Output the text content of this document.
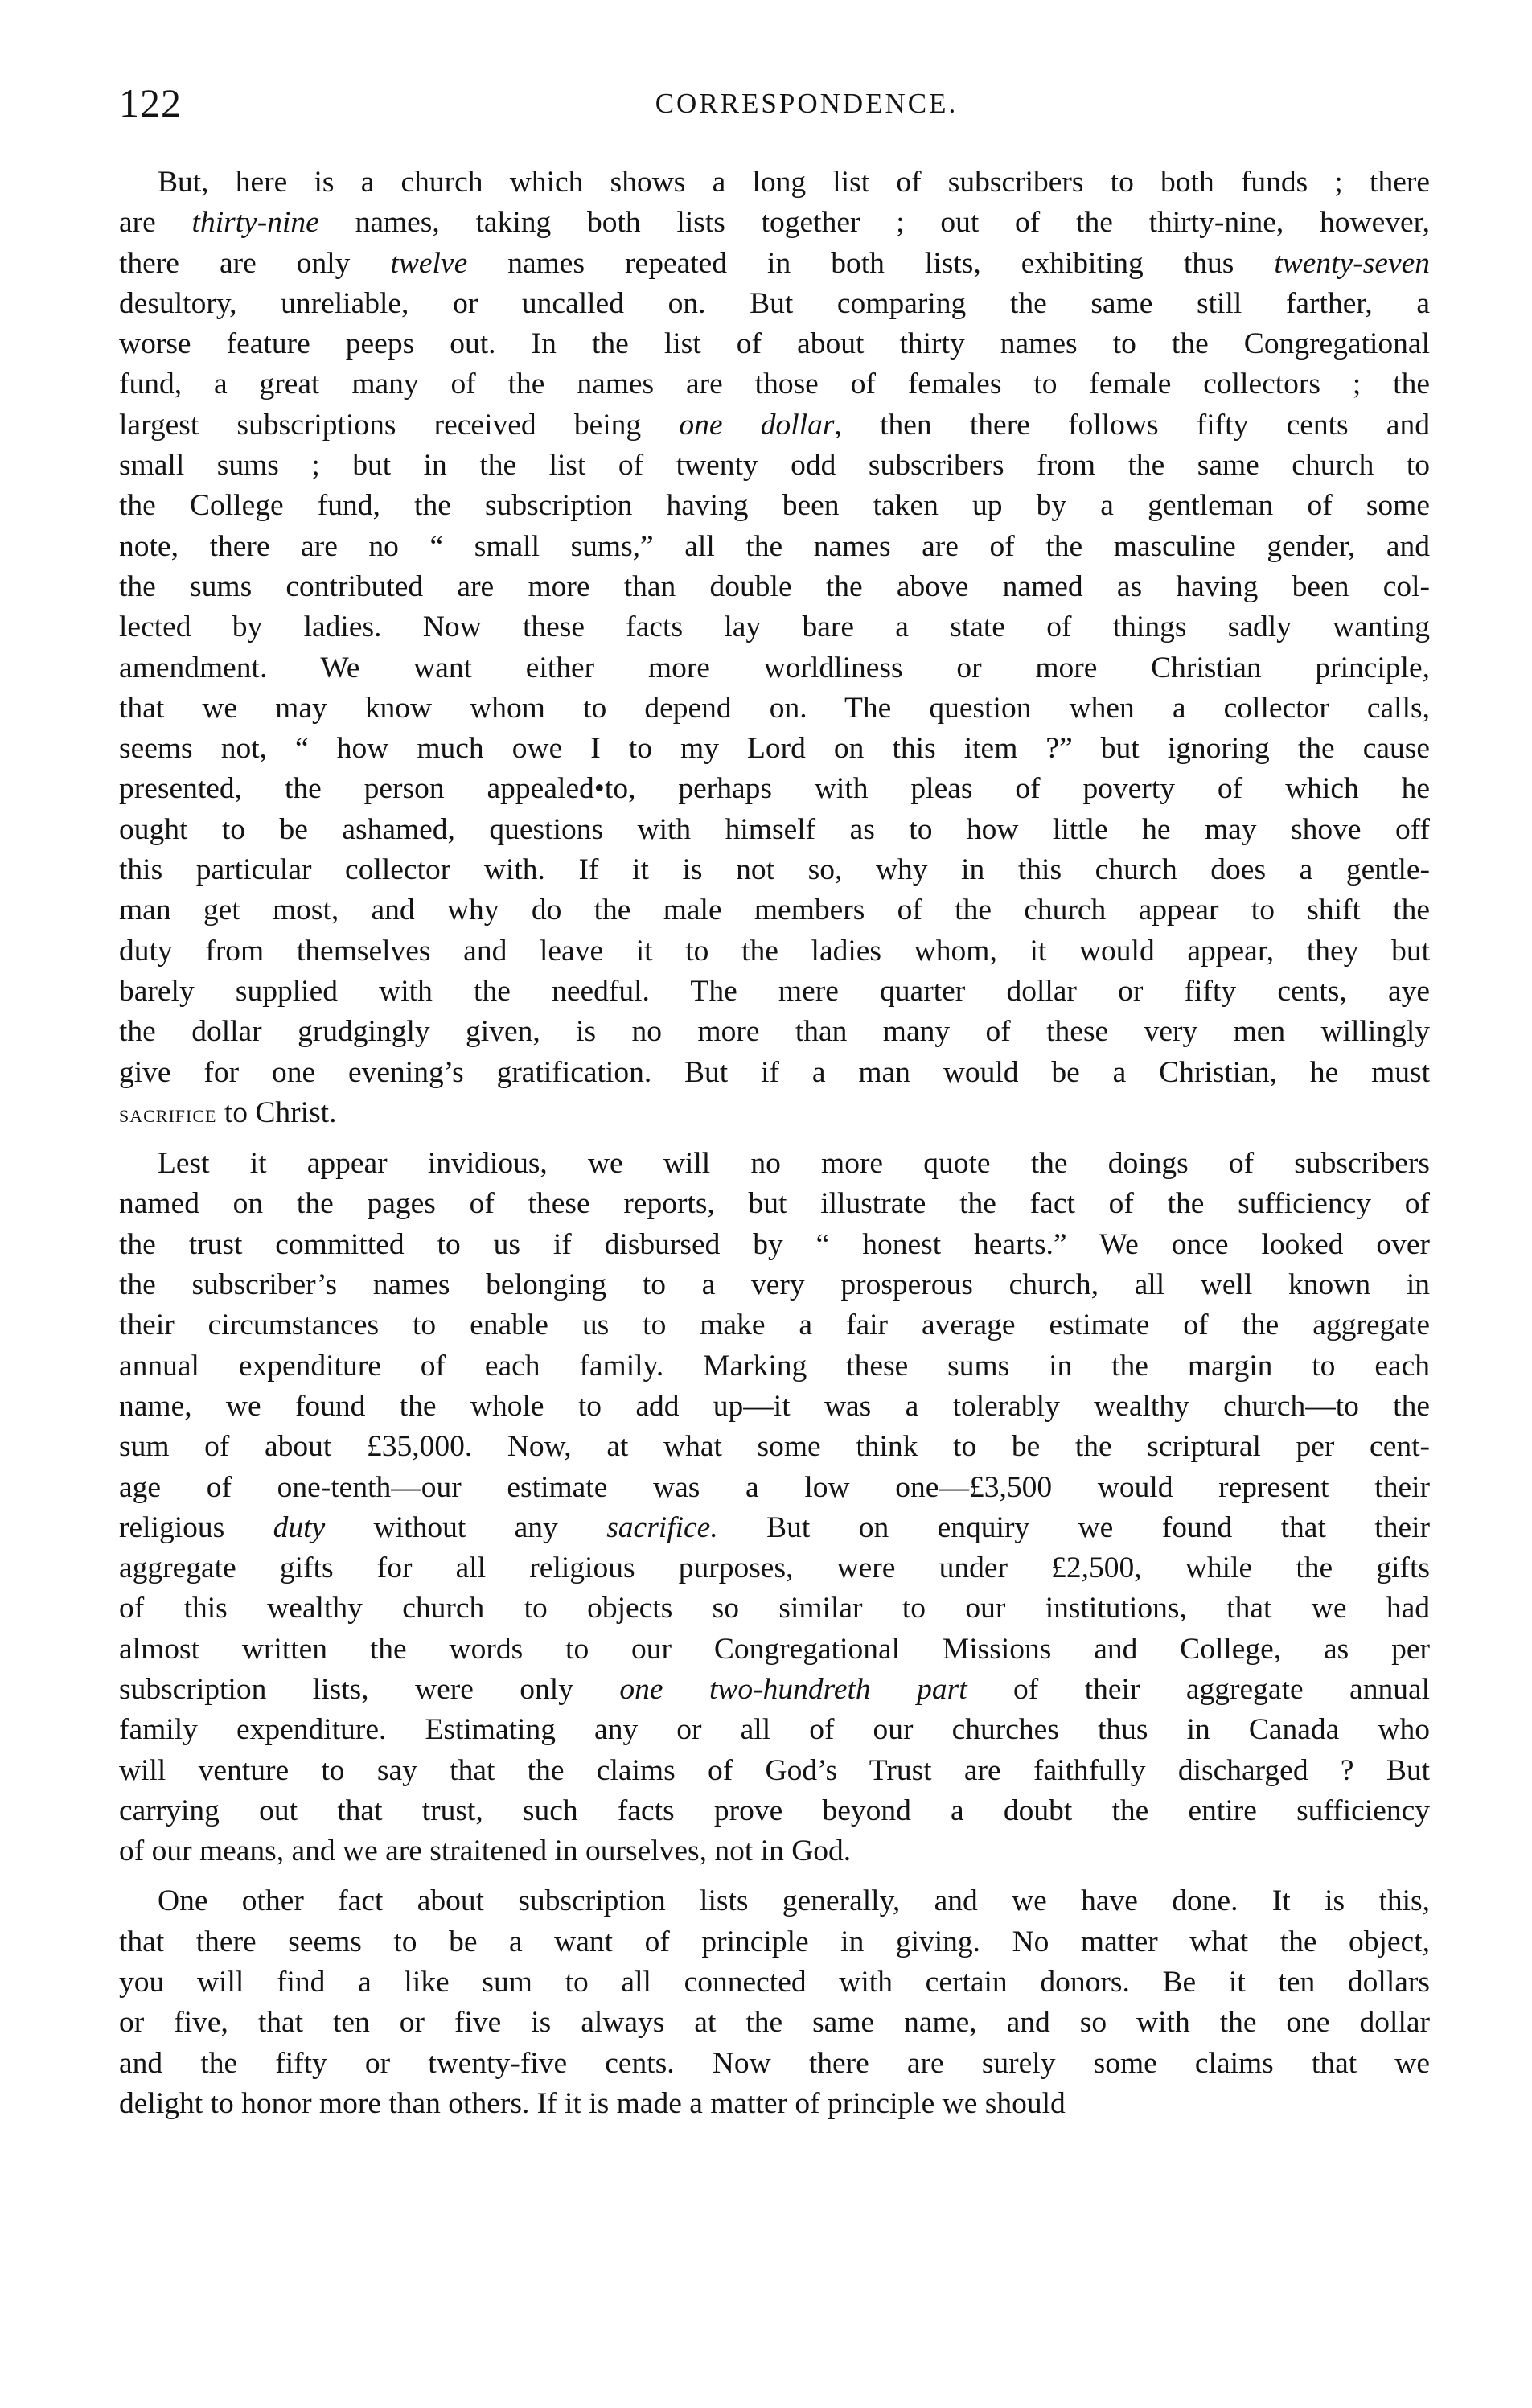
122	CORRESPONDENCE.

But, here is a church which shows a long list of subscribers to both funds ; there
are thirty-nine names, taking both lists together ; out of the thirty-nine, however,
there are only twelve names repeated in both lists, exhibiting thus twenty-seven
desultory, unreliable, or uncalled on. But comparing the same still farther, a
worse feature peeps out. In the list of about thirty names to the Congregational
fund, a great many of the names are those of females to female collectors ; the
largest subscriptions received being one dollar, then there follows fifty cents and
small sums ; but in the list of twenty odd subscribers from the same church to
the College fund, the subscription having been taken up by a gentleman of some
note, there are no “ small sums,” all the names are of the masculine gender, and
the sums contributed are more than double the above named as having been col-
lected by ladies. Now these facts lay bare a state of things sadly wanting
amendment. We want either more worldliness or more Christian principle,
that we may know whom to depend on. The question when a collector calls,
seems not, “ how much owe I to my Lord on this item ?” but ignoring the cause
presented, the person appealed•to, perhaps with pleas of poverty of which he
ought to be ashamed, questions with himself as to how little he may shove off
this particular collector with. If it is not so, why in this church does a gentle-
man get most, and why do the male members of the church appear to shift the
duty from themselves and leave it to the ladies whom, it would appear, they but
barely supplied with the needful. The mere quarter dollar or fifty cents, aye
the dollar grudgingly given, is no more than many of these very men willingly
give for one evening’s gratification. But if a man would be a Christian, he must
sacrifice to Christ.

Lest it appear invidious, we will no more quote the doings of subscribers
named on the pages of these reports, but illustrate the fact of the sufficiency of
the trust committed to us if disbursed by “ honest hearts.” We once looked over
the subscriber’s names belonging to a very prosperous church, all well known in
their circumstances to enable us to make a fair average estimate of the aggregate
annual expenditure of each family. Marking these sums in the margin to each
name, we found the whole to add up—it was a tolerably wealthy church—to the
sum of about £35,000. Now, at what some think to be the scriptural per cent-
age of one-tenth—our estimate was a low one—£3,500 would represent their
religious duty without any sacrifice. But on enquiry we found that their
aggregate gifts for all religious purposes, were under £2,500, while the gifts
of this wealthy church to objects so similar to our institutions, that we had
almost written the words to our Congregational Missions and College, as per
subscription lists, were only one two-hundreth part of their aggregate annual
family expenditure. Estimating any or all of our churches thus in Canada who
will venture to say that the claims of God’s Trust are faithfully discharged ? But
carrying out that trust, such facts prove beyond a doubt the entire sufficiency
of our means, and we are straitened in ourselves, not in God.

One other fact about subscription lists generally, and we have done. It is this,
that there seems to be a want of principle in giving. No matter what the object,
you will find a like sum to all connected with certain donors. Be it ten dollars
or five, that ten or five is always at the same name, and so with the one dollar
and the fifty or twenty-five cents. Now there are surely some claims that we
delight to honor more than others. If it is made a matter of principle we should
